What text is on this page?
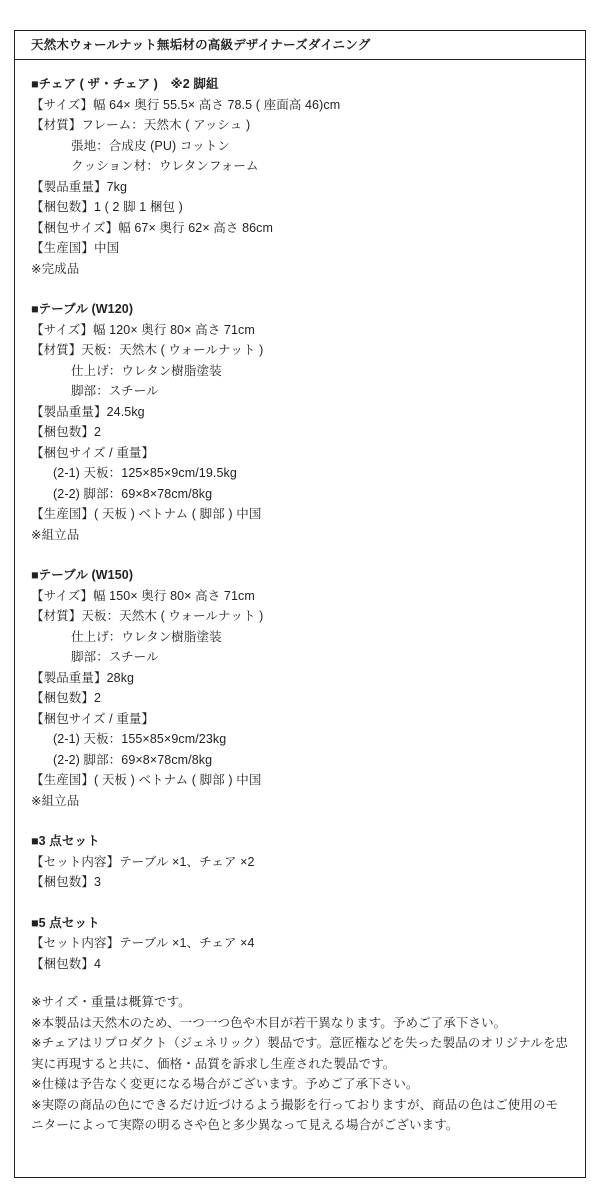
天然木ウォールナット無垢材の高級デザイナーズダイニング
■チェア ( ザ・チェア )　※2 脚組
【サイズ】幅 64× 奥行 55.5× 高さ 78.5 ( 座面高 46)cm
【材質】フレーム：天然木 ( アッシュ )
張地：合成皮 (PU) コットン
クッション材：ウレタンフォーム
【製品重量】7kg
【梱包数】1 ( 2 脚 1 梱包 )
【梱包サイズ】幅 67× 奥行 62× 高さ 86cm
【生産国】中国
※完成品
■テーブル (W120)
【サイズ】幅 120× 奥行 80× 高さ 71cm
【材質】天板：天然木 ( ウォールナット )
仕上げ：ウレタン樹脂塗装
脚部：スチール
【製品重量】24.5kg
【梱包数】2
【梱包サイズ / 重量】
(2-1) 天板：125×85×9cm/19.5kg
(2-2) 脚部：69×8×78cm/8kg
【生産国】( 天板 ) ベトナム ( 脚部 ) 中国
※組立品
■テーブル (W150)
【サイズ】幅 150× 奥行 80× 高さ 71cm
【材質】天板：天然木 ( ウォールナット )
仕上げ：ウレタン樹脂塗装
脚部：スチール
【製品重量】28kg
【梱包数】2
【梱包サイズ / 重量】
(2-1) 天板：155×85×9cm/23kg
(2-2) 脚部：69×8×78cm/8kg
【生産国】( 天板 ) ベトナム ( 脚部 ) 中国
※組立品
■3 点セット
【セット内容】テーブル ×1、チェア ×2
【梱包数】3
■5 点セット
【セット内容】テーブル ×1、チェア ×4
【梱包数】4
※サイズ・重量は概算です。
※本製品は天然木のため、一つ一つ色や木目が若干異なります。予めご了承下さい。
※チェアはリプロダクト（ジェネリック）製品です。意匠権などを失った製品のオリジナルを忠実に再現すると共に、価格・品質を訴求し生産された製品です。
※仕様は予告なく変更になる場合がございます。予めご了承下さい。
※実際の商品の色にできるだけ近づけるよう撮影を行っておりますが、商品の色はご使用のモニターによって実際の明るさや色と多少異なって見える場合がございます。
